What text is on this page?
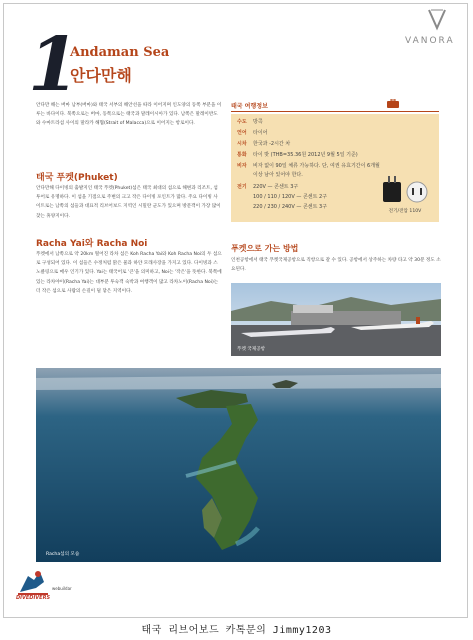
1
Andaman Sea
안다만해
VANORA
안다만 해는 버마 남부(버마)와 태국 서부의 해안선을 따라 이어지며 인도양의 동쪽 부분을 이루는 바다이다. 북쪽으로는 버마, 동쪽으로는 태국과 말레이시아가 있다. 남쪽은 말레이반도와 수마트라섬 사이의 말라카 해협(Strait of Malacca)으로 이어지는 항로이다.
태국 푸켓(Phuket)
안다만해 다이빙의 출발지인 태국 푸켓(Phuket)섬은 태국 최대의 섬으로 해변과 리조트, 섬 투어로 유명하다. 이 섬을 기점으로 주변의 크고 작은 다이빙 포인트가 많다. 주요 다이빙 사이트로는 남쪽의 섬들과 대표적 리브어보드 지역인 시밀란 군도가 있으며 방문객이 가장 많이 찾는 휴양지이다.
Racha Yai와 Racha Noi
푸켓에서 남쪽으로 약 20km 떨어진 라차 섬은 Koh Racha Yai와 Koh Racha Noi의 두 섬으로 구성되어 있다. 이 섬들은 수정처럼 맑은 물과 하얀 모래사장을 가지고 있다. 다이빙과 스노클링으로 매우 인기가 있다. Yai는 태국어로 '큰'을 의미하고, Noi는 '작은'을 뜻한다. 북쪽에 있는 라차야이(Racha Yai)는 대부분 투숙객 숙박과 여행객이 많고 라차노이(Racha Noi)는 더 작은 섬으로 사람의 손길이 덜 닿은 지역이다.
태국 여행정보
수도 방콕
언어 타이어
시차 한국과 -2시간 차
통화 타이 밧 (THB=35.36원 2012년 9월 5일 기준)
비자 비자 없이 90일 체류 가능하다. 단, 여권 유효기간이 6개월
이상 남아 있어야 한다.
전기 220V — 콘센트 3구
100 / 110 / 120V — 콘센트 2구
220 / 230 / 240V — 콘센트 3구
전기/전압 110V
푸켓으로 가는 방법
인천공항에서 태국 푸켓국제공항으로 직항으로 갈 수 있다. 공항에서 상주하는 차량 타고 약 30분 정도 소요된다.
푸켓 국제공항
Racha섬의 모습
DIVEDIVERS
webuildar
태국 리브어보드 카톡문의 Jimmy1203
